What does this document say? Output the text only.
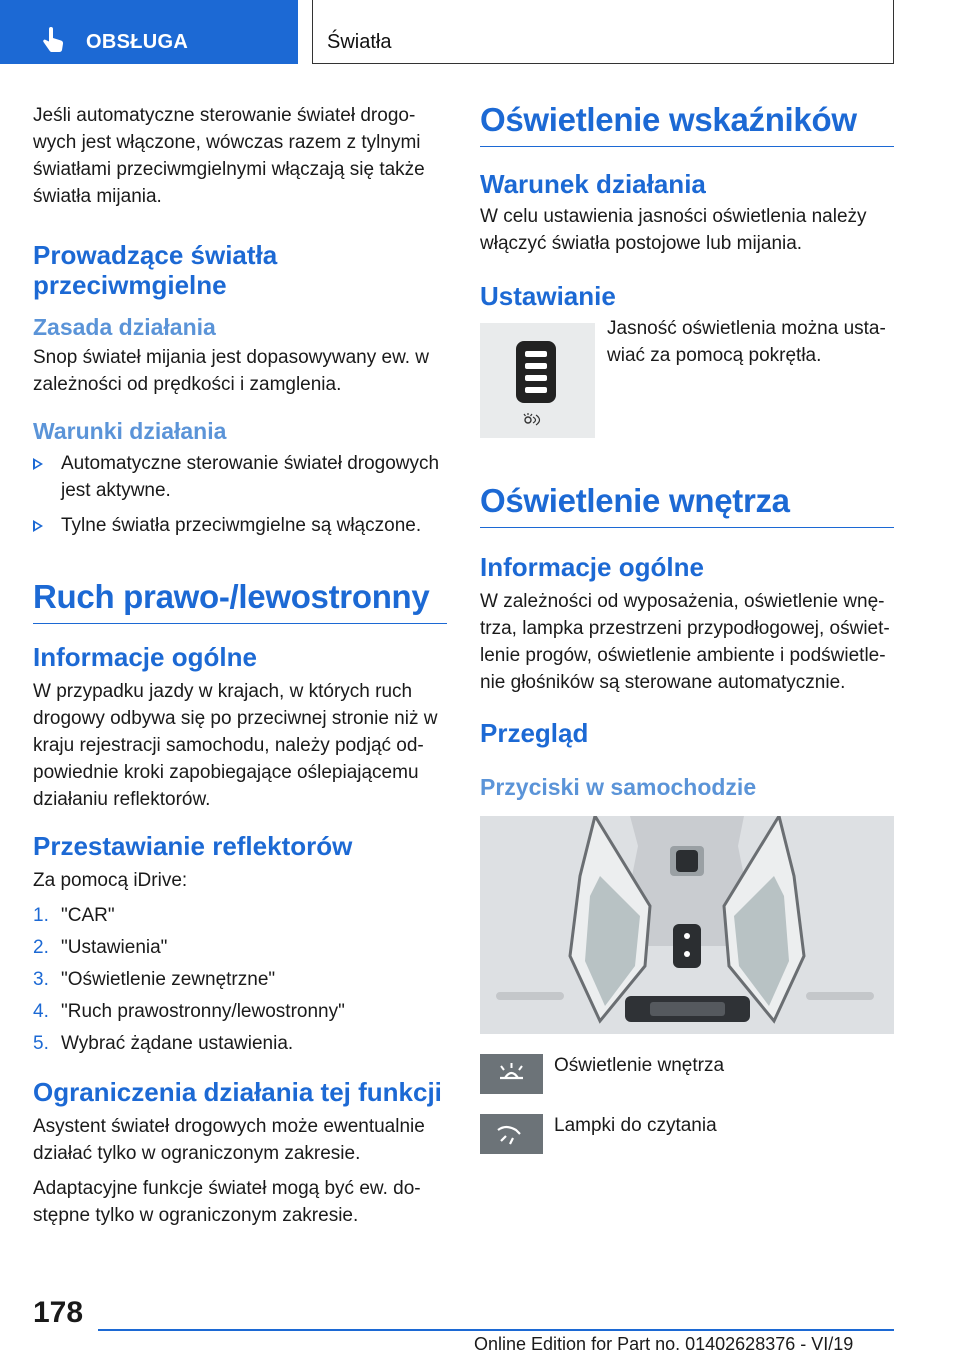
OBSŁUGA	Światła

Jeśli automatyczne sterowanie świateł drogo-wych jest włączone, wówczas razem z tylnymi światłami przeciwmgielnymi włączają się także światła mijania.

Prowadzące światła przeciwmgielne
Zasada działania

Snop świateł mijania jest dopasowywany ew. w zależności od prędkości i zamglenia.

Warunki działania
Automatyczne sterowanie świateł drogowych jest aktywne.
Tylne światła przeciwmgielne są włączone.
Ruch prawo-/lewostronny
Informacje ogólne

W przypadku jazdy w krajach, w których ruch drogowy odbywa się po przeciwnej stronie niż w kraju rejestracji samochodu, należy podjąć od-powiednie kroki zapobiegające oślepiającemu działaniu reflektorów.

Przestawianie reflektorów

Za pomocą iDrive:

1. "CAR"
2. "Ustawienia"
3. "Oświetlenie zewnętrzne"
4. "Ruch prawostronny/lewostronny"
5. Wybrać żądane ustawienia.
Ograniczenia działania tej funkcji

Asystent świateł drogowych może ewentualnie działać tylko w ograniczonym zakresie.

Adaptacyjne funkcje świateł mogą być ew. do-stępne tylko w ograniczonym zakresie.

Oświetlenie wskaźników
Warunek działania

W celu ustawienia jasności oświetlenia należy włączyć światła postojowe lub mijania.

Ustawianie

Jasność oświetlenia można usta-wiać za pomocą pokrętła.

Oświetlenie wnętrza
Informacje ogólne

W zależności od wyposażenia, oświetlenie wnę-trza, lampka przestrzeni przypodłogowej, oświet-lenie progów, oświetlenie ambiente i podświetle-nie głośników są sterowane automatycznie.

Przegląd
Przyciski w samochodzie

Oświetlenie wnętrza

Lampki do czytania

178
Online Edition for Part no. 01402628376 - VI/19
